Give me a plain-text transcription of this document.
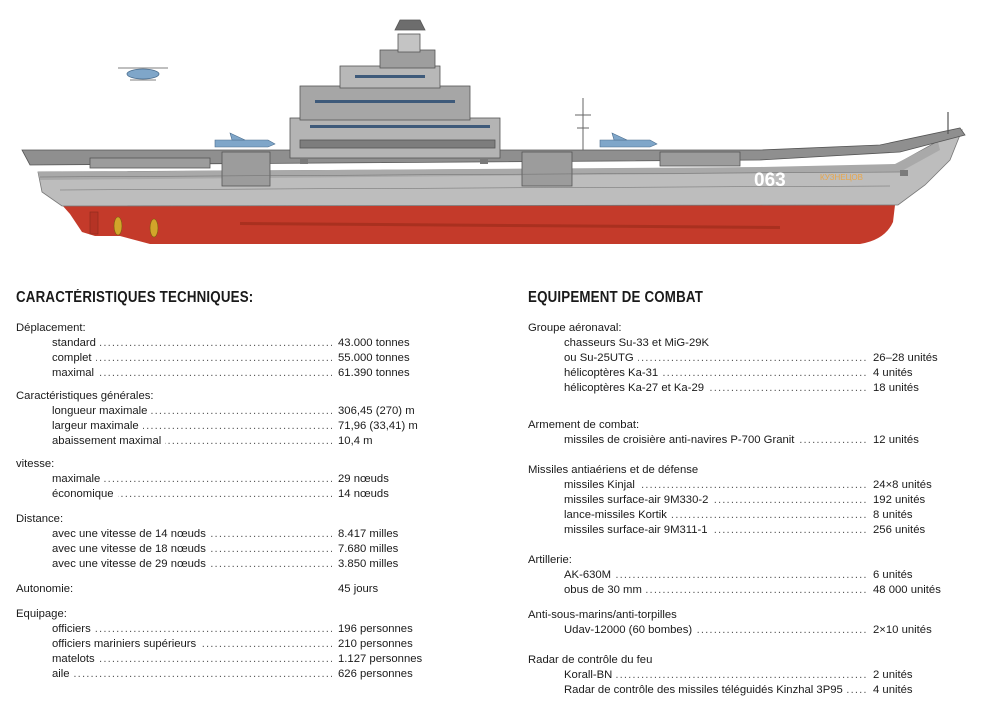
063	КУЗНЕЦОВ
CARACTÉRISTIQUES TECHNIQUES:
Déplacement:
. . .
standard	43.000 tonnes
. . .
complet	55.000 tonnes
. . .
maximal	61.390 tonnes
Caractéristiques générales:
. . .
longueur maximale	306,45 (270) m
. . .
largeur maximale	71,96 (33,41) m
. . .
abaissement maximal	10,4 m
vitesse:
. . .
maximale	29 nœuds
. . .
économique	14 nœuds
Distance:
. . .
avec une vitesse de 14 nœuds	8.417 milles
. . .
avec une vitesse de 18 nœuds	7.680 milles
. . .
avec une vitesse de 29 nœuds	3.850 milles
Autonomie:	45 jours
Equipage:
. . .
officiers	196 personnes
. . .
officiers mariniers supérieurs	210 personnes
. . .
matelots	1.127 personnes
. . .
aile	626 personnes
EQUIPEMENT DE COMBAT
Groupe aéronaval:
chasseurs Su-33 et MiG-29K
. . .
ou Su-25UTG	26–28 unités
. . .
hélicoptères Ka-31	4 unités
. . .
hélicoptères Ka-27 et Ka-29	18 unités
Armement de combat:
. . .
missiles de croisière anti-navires P-700 Granit	12 unités
Missiles antiaériens et de défense
. . .
missiles Kinjal	24×8 unités
. . .
missiles surface-air 9M330-2	192 unités
. . .
lance-missiles Kortik	8 unités
. . .
missiles surface-air 9M311-1	256 unités
Artillerie:
. . .
AK-630M	6 unités
. . .
obus de 30 mm	48 000 unités
Anti-sous-marins/anti-torpilles
. . .
Udav-12000 (60 bombes)	2×10 unités
Radar de contrôle du feu
. . .
Korall-BN	2 unités
. . .
Radar de contrôle des missiles téléguidés Kinzhal 3P95	4 unités
